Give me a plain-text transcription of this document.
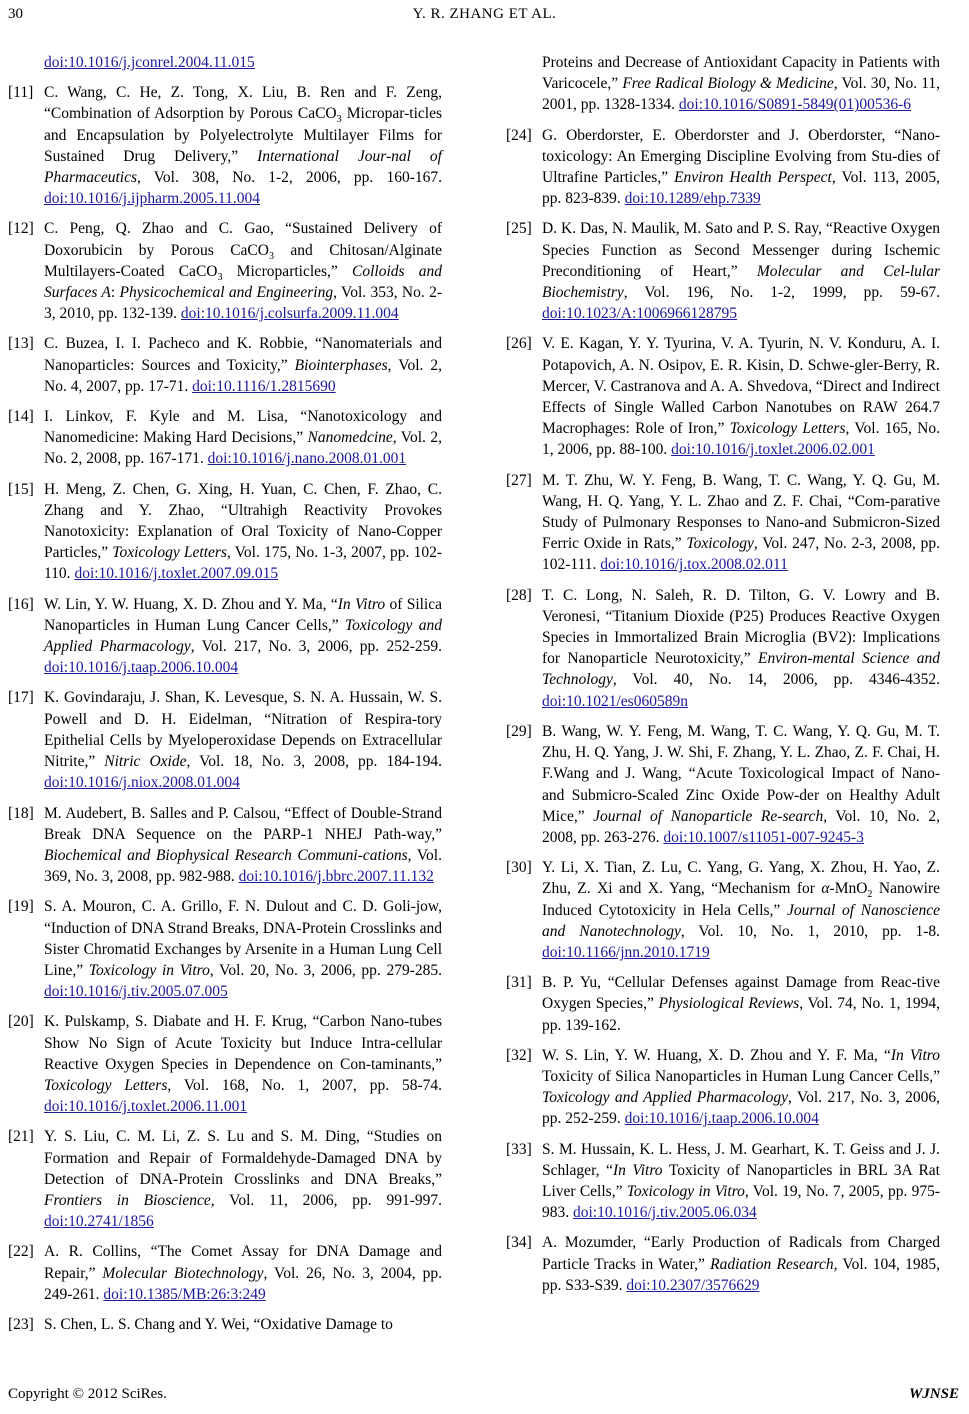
30	Y. R. ZHANG ET AL.
doi:10.1016/j.jconrel.2004.11.015
[11] C. Wang, C. He, Z. Tong, X. Liu, B. Ren and F. Zeng, “Combination of Adsorption by Porous CaCO$_3$ Micropar-ticles and Encapsulation by Polyelectrolyte Multilayer Films for Sustained Drug Delivery,” International Jour-nal of Pharmaceutics, Vol. 308, No. 1-2, 2006, pp. 160-167. doi:10.1016/j.ijpharm.2005.11.004
[12] C. Peng, Q. Zhao and C. Gao, “Sustained Delivery of Doxorubicin by Porous CaCO$_3$ and Chitosan/Alginate Multilayers-Coated CaCO$_3$ Microparticles,” Colloids and Surfaces A: Physicochemical and Engineering, Vol. 353, No. 2-3, 2010, pp. 132-139. doi:10.1016/j.colsurfa.2009.11.004
[13] C. Buzea, I. I. Pacheco and K. Robbie, “Nanomaterials and Nanoparticles: Sources and Toxicity,” Biointerphases, Vol. 2, No. 4, 2007, pp. 17-71. doi:10.1116/1.2815690
[14] I. Linkov, F. Kyle and M. Lisa, “Nanotoxicology and Nanomedicine: Making Hard Decisions,” Nanomedcine, Vol. 2, No. 2, 2008, pp. 167-171. doi:10.1016/j.nano.2008.01.001
[15] H. Meng, Z. Chen, G. Xing, H. Yuan, C. Chen, F. Zhao, C. Zhang and Y. Zhao, “Ultrahigh Reactivity Provokes Nanotoxicity: Explanation of Oral Toxicity of Nano-Copper Particles,” Toxicology Letters, Vol. 175, No. 1-3, 2007, pp. 102-110. doi:10.1016/j.toxlet.2007.09.015
[16] W. Lin, Y. W. Huang, X. D. Zhou and Y. Ma, “In Vitro of Silica Nanoparticles in Human Lung Cancer Cells,” Toxicology and Applied Pharmacology, Vol. 217, No. 3, 2006, pp. 252-259. doi:10.1016/j.taap.2006.10.004
[17] K. Govindaraju, J. Shan, K. Levesque, S. N. A. Hussain, W. S. Powell and D. H. Eidelman, “Nitration of Respira-tory Epithelial Cells by Myeloperoxidase Depends on Extracellular Nitrite,” Nitric Oxide, Vol. 18, No. 3, 2008, pp. 184-194. doi:10.1016/j.niox.2008.01.004
[18] M. Audebert, B. Salles and P. Calsou, “Effect of Double-Strand Break DNA Sequence on the PARP-1 NHEJ Path-way,” Biochemical and Biophysical Research Communi-cations, Vol. 369, No. 3, 2008, pp. 982-988. doi:10.1016/j.bbrc.2007.11.132
[19] S. A. Mouron, C. A. Grillo, F. N. Dulout and C. D. Goli-jow, “Induction of DNA Strand Breaks, DNA-Protein Crosslinks and Sister Chromatid Exchanges by Arsenite in a Human Lung Cell Line,” Toxicology in Vitro, Vol. 20, No. 3, 2006, pp. 279-285. doi:10.1016/j.tiv.2005.07.005
[20] K. Pulskamp, S. Diabate and H. F. Krug, “Carbon Nano-tubes Show No Sign of Acute Toxicity but Induce Intra-cellular Reactive Oxygen Species in Dependence on Con-taminants,” Toxicology Letters, Vol. 168, No. 1, 2007, pp. 58-74. doi:10.1016/j.toxlet.2006.11.001
[21] Y. S. Liu, C. M. Li, Z. S. Lu and S. M. Ding, “Studies on Formation and Repair of Formaldehyde-Damaged DNA by Detection of DNA-Protein Crosslinks and DNA Breaks,” Frontiers in Bioscience, Vol. 11, 2006, pp. 991-997. doi:10.2741/1856
[22] A. R. Collins, “The Comet Assay for DNA Damage and Repair,” Molecular Biotechnology, Vol. 26, No. 3, 2004, pp. 249-261. doi:10.1385/MB:26:3:249
[23] S. Chen, L. S. Chang and Y. Wei, “Oxidative Damage to
Proteins and Decrease of Antioxidant Capacity in Patients with Varicocele,” Free Radical Biology & Medicine, Vol. 30, No. 11, 2001, pp. 1328-1334. doi:10.1016/S0891-5849(01)00536-6
[24] G. Oberdorster, E. Oberdorster and J. Oberdorster, “Nano-toxicology: An Emerging Discipline Evolving from Stu-dies of Ultrafine Particles,” Environ Health Perspect, Vol. 113, 2005, pp. 823-839. doi:10.1289/ehp.7339
[25] D. K. Das, N. Maulik, M. Sato and P. S. Ray, “Reactive Oxygen Species Function as Second Messenger during Ischemic Preconditioning of Heart,” Molecular and Cel-lular Biochemistry, Vol. 196, No. 1-2, 1999, pp. 59-67. doi:10.1023/A:1006966128795
[26] V. E. Kagan, Y. Y. Tyurina, V. A. Tyurin, N. V. Konduru, A. I. Potapovich, A. N. Osipov, E. R. Kisin, D. Schwe-gler-Berry, R. Mercer, V. Castranova and A. A. Shvedova, “Direct and Indirect Effects of Single Walled Carbon Nanotubes on RAW 264.7 Macrophages: Role of Iron,” Toxicology Letters, Vol. 165, No. 1, 2006, pp. 88-100. doi:10.1016/j.toxlet.2006.02.001
[27] M. T. Zhu, W. Y. Feng, B. Wang, T. C. Wang, Y. Q. Gu, M. Wang, H. Q. Yang, Y. L. Zhao and Z. F. Chai, “Com-parative Study of Pulmonary Responses to Nano-and Submicron-Sized Ferric Oxide in Rats,” Toxicology, Vol. 247, No. 2-3, 2008, pp. 102-111. doi:10.1016/j.tox.2008.02.011
[28] T. C. Long, N. Saleh, R. D. Tilton, G. V. Lowry and B. Veronesi, “Titanium Dioxide (P25) Produces Reactive Oxygen Species in Immortalized Brain Microglia (BV2): Implications for Nanoparticle Neurotoxicity,” Environ-mental Science and Technology, Vol. 40, No. 14, 2006, pp. 4346-4352. doi:10.1021/es060589n
[29] B. Wang, W. Y. Feng, M. Wang, T. C. Wang, Y. Q. Gu, M. T. Zhu, H. Q. Yang, J. W. Shi, F. Zhang, Y. L. Zhao, Z. F. Chai, H. F.Wang and J. Wang, “Acute Toxicological Impact of Nano- and Submicro-Scaled Zinc Oxide Pow-der on Healthy Adult Mice,” Journal of Nanoparticle Re-search, Vol. 10, No. 2, 2008, pp. 263-276. doi:10.1007/s11051-007-9245-3
[30] Y. Li, X. Tian, Z. Lu, C. Yang, G. Yang, X. Zhou, H. Yao, Z. Zhu, Z. Xi and X. Yang, “Mechanism for α-MnO$_2$ Nanowire Induced Cytotoxicity in Hela Cells,” Journal of Nanoscience and Nanotechnology, Vol. 10, No. 1, 2010, pp. 1-8. doi:10.1166/jnn.2010.1719
[31] B. P. Yu, “Cellular Defenses against Damage from Reac-tive Oxygen Species,” Physiological Reviews, Vol. 74, No. 1, 1994, pp. 139-162.
[32] W. S. Lin, Y. W. Huang, X. D. Zhou and Y. F. Ma, “In Vitro Toxicity of Silica Nanoparticles in Human Lung Cancer Cells,” Toxicology and Applied Pharmacology, Vol. 217, No. 3, 2006, pp. 252-259. doi:10.1016/j.taap.2006.10.004
[33] S. M. Hussain, K. L. Hess, J. M. Gearhart, K. T. Geiss and J. J. Schlager, “In Vitro Toxicity of Nanoparticles in BRL 3A Rat Liver Cells,” Toxicology in Vitro, Vol. 19, No. 7, 2005, pp. 975-983. doi:10.1016/j.tiv.2005.06.034
[34] A. Mozumder, “Early Production of Radicals from Charged Particle Tracks in Water,” Radiation Research, Vol. 104, 1985, pp. S33-S39. doi:10.2307/3576629
Copyright © 2012 SciRes.	WJNSE
